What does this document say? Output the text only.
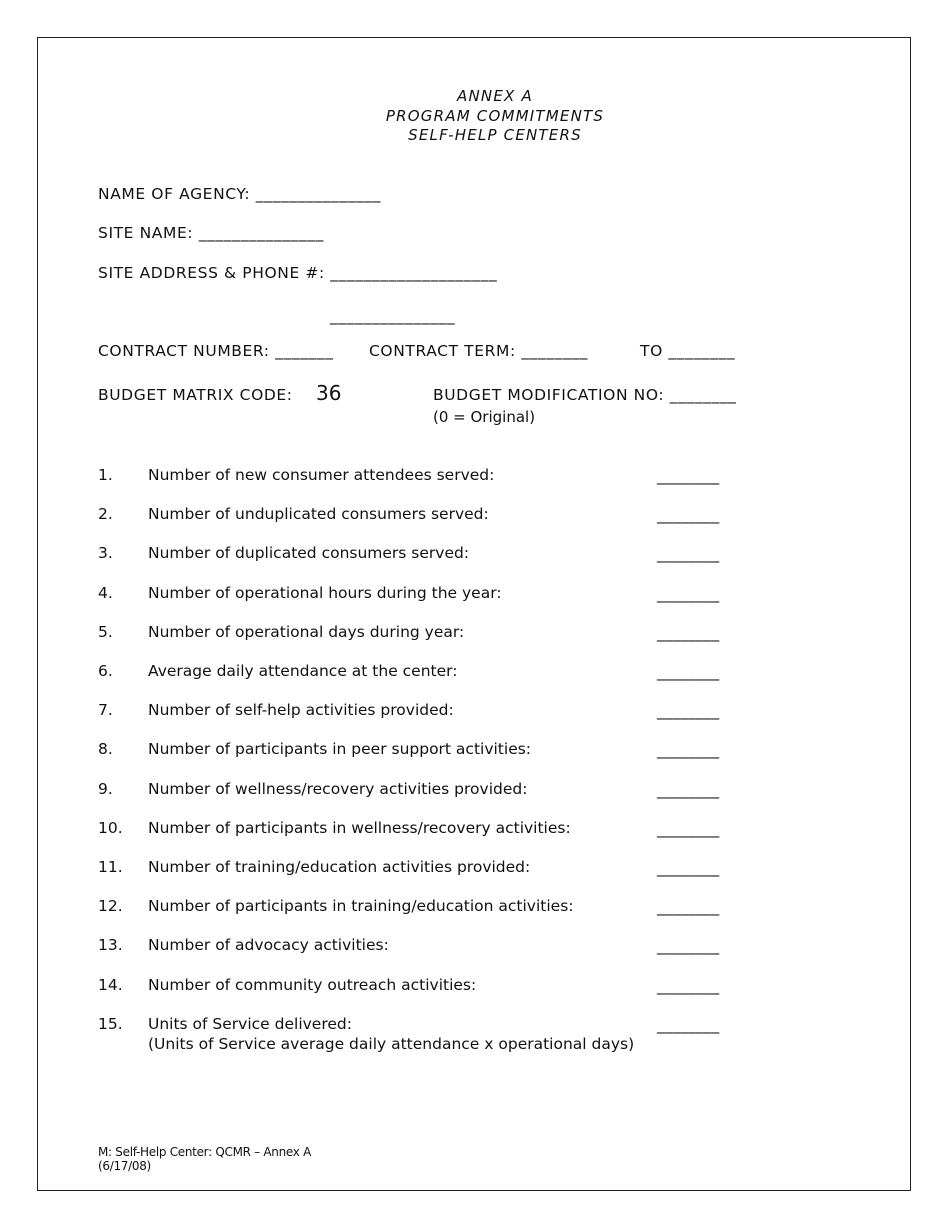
ANNEX A
PROGRAM COMMITMENTS
SELF-HELP CENTERS
NAME OF AGENCY: _______________
SITE NAME: _______________
SITE ADDRESS & PHONE #: ____________________
_______________
CONTRACT NUMBER: _______ CONTRACT TERM: ________	TO ________
BUDGET MATRIX CODE: 36	BUDGET MODIFICATION NO: ________
(0 = Original)
1. Number of new consumer attendees served:	________
2. Number of unduplicated consumers served:	________
3. Number of duplicated consumers served:	________
4. Number of operational hours during the year:	________
5. Number of operational days during year:	________
6. Average daily attendance at the center:	________
7. Number of self-help activities provided:	________
8. Number of participants in peer support activities:	________
9. Number of wellness/recovery activities provided:	________
10. Number of participants in wellness/recovery activities:	________
11. Number of training/education activities provided:	________
12. Number of participants in training/education activities:	________
13. Number of advocacy activities:	________
14. Number of community outreach activities:	________
15. Units of Service delivered:
(Units of Service average daily attendance x operational days)
________
M: Self-Help Center: QCMR – Annex A
(6/17/08)
